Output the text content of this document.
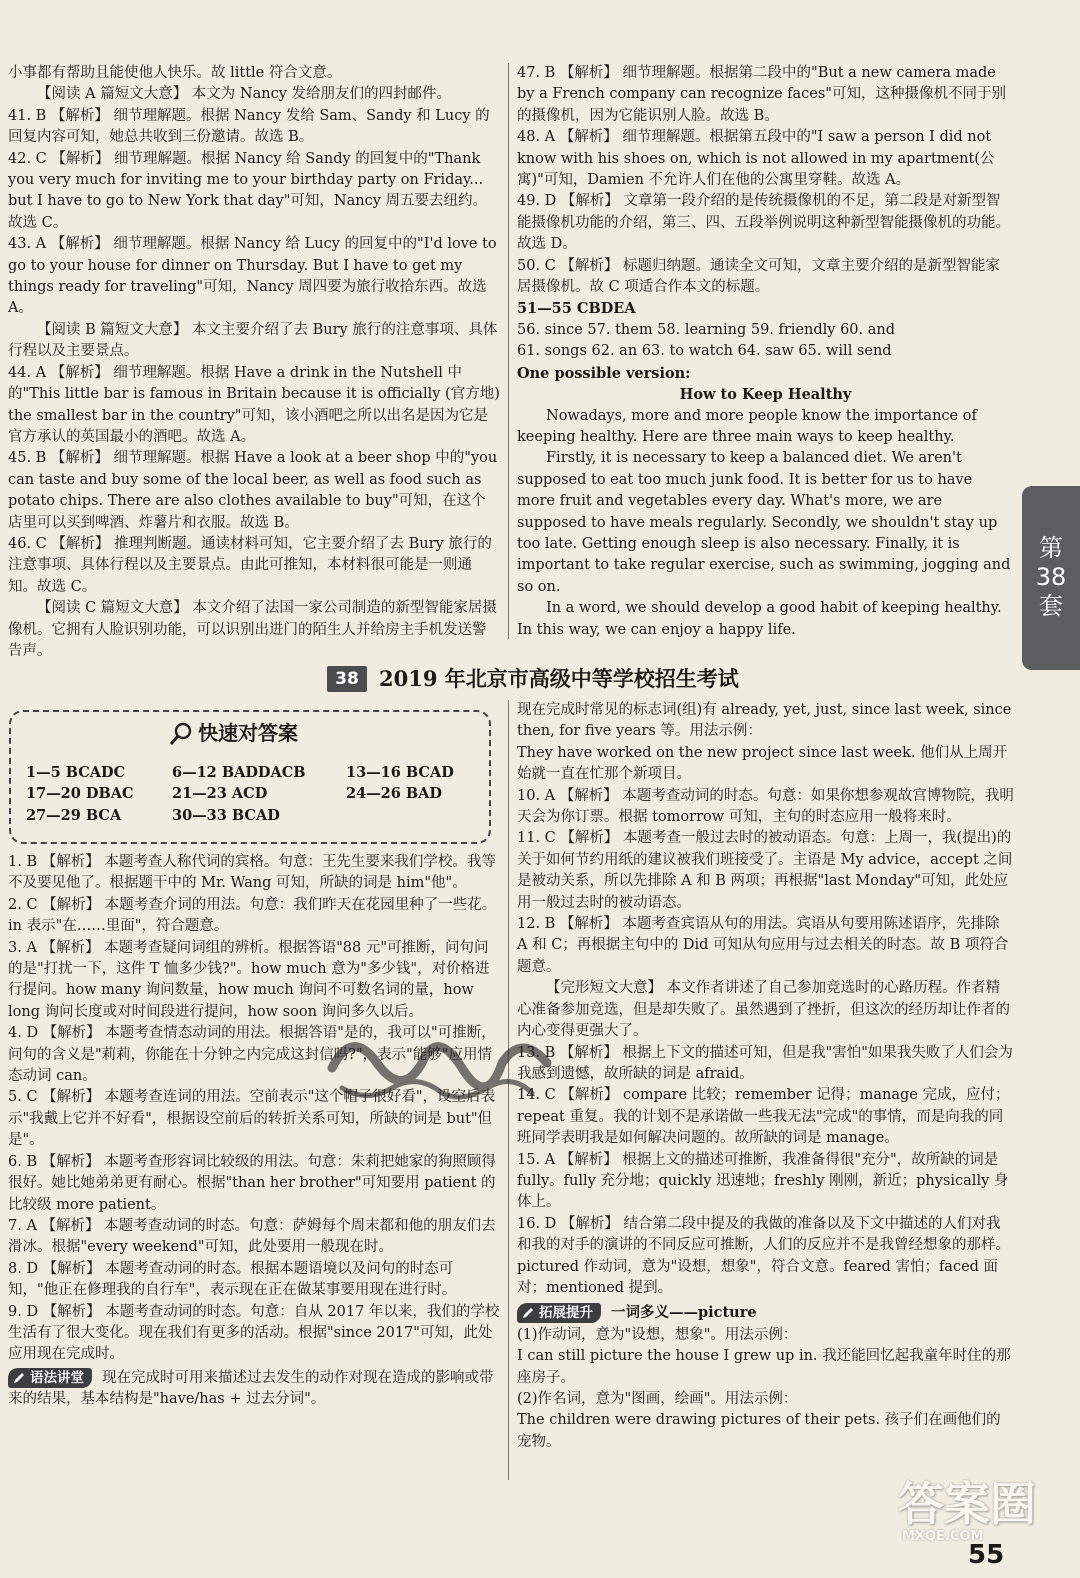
小事都有帮助且能使他人快乐。故 little 符合文意。

【阅读 A 篇短文大意】 本文为 Nancy 发给朋友们的四封邮件。

41. B 【解析】 细节理解题。根据 Nancy 发给 Sam、Sandy 和 Lucy 的回复内容可知，她总共收到三份邀请。故选 B。

42. C 【解析】 细节理解题。根据 Nancy 给 Sandy 的回复中的"Thank you very much for inviting me to your birthday party on Friday... but I have to go to New York that day"可知，Nancy 周五要去纽约。故选 C。

43. A 【解析】 细节理解题。根据 Nancy 给 Lucy 的回复中的"I'd love to go to your house for dinner on Thursday. But I have to get my things ready for traveling"可知，Nancy 周四要为旅行收拾东西。故选 A。

【阅读 B 篇短文大意】 本文主要介绍了去 Bury 旅行的注意事项、具体行程以及主要景点。

44. A 【解析】 细节理解题。根据 Have a drink in the Nutshell 中的"This little bar is famous in Britain because it is officially (官方地) the smallest bar in the country"可知，该小酒吧之所以出名是因为它是官方承认的英国最小的酒吧。故选 A。

45. B 【解析】 细节理解题。根据 Have a look at a beer shop 中的"you can taste and buy some of the local beer, as well as food such as potato chips. There are also clothes available to buy"可知，在这个店里可以买到啤酒、炸薯片和衣服。故选 B。

46. C 【解析】 推理判断题。通读材料可知，它主要介绍了去 Bury 旅行的注意事项、具体行程以及主要景点。由此可推知，本材料很可能是一则通知。故选 C。

【阅读 C 篇短文大意】 本文介绍了法国一家公司制造的新型智能家居摄像机。它拥有人脸识别功能，可以识别出进门的陌生人并给房主手机发送警告声。

47. B 【解析】 细节理解题。根据第二段中的"But a new camera made by a French company can recognize faces"可知，这种摄像机不同于别的摄像机，因为它能识别人脸。故选 B。

48. A 【解析】 细节理解题。根据第五段中的"I saw a person I did not know with his shoes on, which is not allowed in my apartment(公寓)"可知，Damien 不允许人们在他的公寓里穿鞋。故选 A。

49. D 【解析】 文章第一段介绍的是传统摄像机的不足，第二段是对新型智能摄像机功能的介绍，第三、四、五段举例说明这种新型智能摄像机的功能。故选 D。

50. C 【解析】 标题归纳题。通读全文可知，文章主要介绍的是新型智能家居摄像机。故 C 项适合作本文的标题。

51—55 CBDEA

56. since 57. them 58. learning 59. friendly 60. and

61. songs 62. an 63. to watch 64. saw 65. will send

One possible version:

How to Keep Healthy

Nowadays, more and more people know the importance of keeping healthy. Here are three main ways to keep healthy.

Firstly, it is necessary to keep a balanced diet. We aren't supposed to eat too much junk food. It is better for us to have more fruit and vegetables every day. What's more, we are supposed to have meals regularly. Secondly, we shouldn't stay up too late. Getting enough sleep is also necessary. Finally, it is important to take regular exercise, such as swimming, jogging and so on.

In a word, we should develop a good habit of keeping healthy. In this way, we can enjoy a happy life.

第
38
套
38 2019 年北京市高级中等学校招生考试
快速对答案
1—5 BCADC	6—12 BADDACB	13—16 BCAD
17—20 DBAC	21—23 ACD	24—26 BAD
27—29 BCA	30—33 BCAD

1. B 【解析】 本题考查人称代词的宾格。句意：王先生要来我们学校。我等不及要见他了。根据题干中的 Mr. Wang 可知，所缺的词是 him"他"。

2. C 【解析】 本题考查介词的用法。句意：我们昨天在花园里种了一些花。in 表示"在……里面"，符合题意。

3. A 【解析】 本题考查疑问词组的辨析。根据答语"88 元"可推断，问句问的是"打扰一下，这件 T 恤多少钱?"。how much 意为"多少钱"，对价格进行提问。how many 询问数量，how much 询问不可数名词的量，how long 询问长度或对时间段进行提问，how soon 询问多久以后。

4. D 【解析】 本题考查情态动词的用法。根据答语"是的，我可以"可推断，问句的含义是"莉莉，你能在十分钟之内完成这封信吗?"，表示"能够"应用情态动词 can。

5. C 【解析】 本题考查连词的用法。空前表示"这个帽子很好看"，设空后表示"我戴上它并不好看"，根据设空前后的转折关系可知，所缺的词是 but"但是"。

6. B 【解析】 本题考查形容词比较级的用法。句意：朱莉把她家的狗照顾得很好。她比她弟弟更有耐心。根据"than her brother"可知要用 patient 的比较级 more patient。

7. A 【解析】 本题考查动词的时态。句意：萨姆每个周末都和他的朋友们去滑冰。根据"every weekend"可知，此处要用一般现在时。

8. D 【解析】 本题考查动词的时态。根据本题语境以及问句的时态可知，"他正在修理我的自行车"，表示现在正在做某事要用现在进行时。

9. D 【解析】 本题考查动词的时态。句意：自从 2017 年以来，我们的学校生活有了很大变化。现在我们有更多的活动。根据"since 2017"可知，此处应用现在完成时。

语法讲堂 现在完成时可用来描述过去发生的动作对现在造成的影响或带来的结果，基本结构是"have/has + 过去分词"。

现在完成时常见的标志词(组)有 already, yet, just, since last week, since then, for five years 等。用法示例：

They have worked on the new project since last week. 他们从上周开始就一直在忙那个新项目。

10. A 【解析】 本题考查动词的时态。句意：如果你想参观故宫博物院，我明天会为你订票。根据 tomorrow 可知，主句的时态应用一般将来时。

11. C 【解析】 本题考查一般过去时的被动语态。句意：上周一，我(提出)的关于如何节约用纸的建议被我们班接受了。主语是 My advice，accept 之间是被动关系，所以先排除 A 和 B 两项；再根据"last Monday"可知，此处应用一般过去时的被动语态。

12. B 【解析】 本题考查宾语从句的用法。宾语从句要用陈述语序，先排除 A 和 C；再根据主句中的 Did 可知从句应用与过去相关的时态。故 B 项符合题意。

【完形短文大意】 本文作者讲述了自己参加竞选时的心路历程。作者精心准备参加竞选，但是却失败了。虽然遇到了挫折，但这次的经历却让作者的内心变得更强大了。

13. B 【解析】 根据上下文的描述可知，但是我"害怕"如果我失败了人们会为我感到遗憾，故所缺的词是 afraid。

14. C 【解析】 compare 比较；remember 记得；manage 完成，应付；repeat 重复。我的计划不是承诺做一些我无法"完成"的事情，而是向我的同班同学表明我是如何解决问题的。故所缺的词是 manage。

15. A 【解析】 根据上文的描述可推断，我准备得很"充分"，故所缺的词是 fully。fully 充分地；quickly 迅速地；freshly 刚刚，新近；physically 身体上。

16. D 【解析】 结合第二段中提及的我做的准备以及下文中描述的人们对我和我的对手的演讲的不同反应可推断，人们的反应并不是我曾经想象的那样。pictured 作动词，意为"设想，想象"，符合文意。feared 害怕；faced 面对；mentioned 提到。

拓展提升 一词多义——picture

(1)作动词，意为"设想，想象"。用法示例：

I can still picture the house I grew up in. 我还能回忆起我童年时住的那座房子。

(2)作名词，意为"图画，绘画"。用法示例：

The children were drawing pictures of their pets. 孩子们在画他们的宠物。

55
答案圈
MXQE.COM
